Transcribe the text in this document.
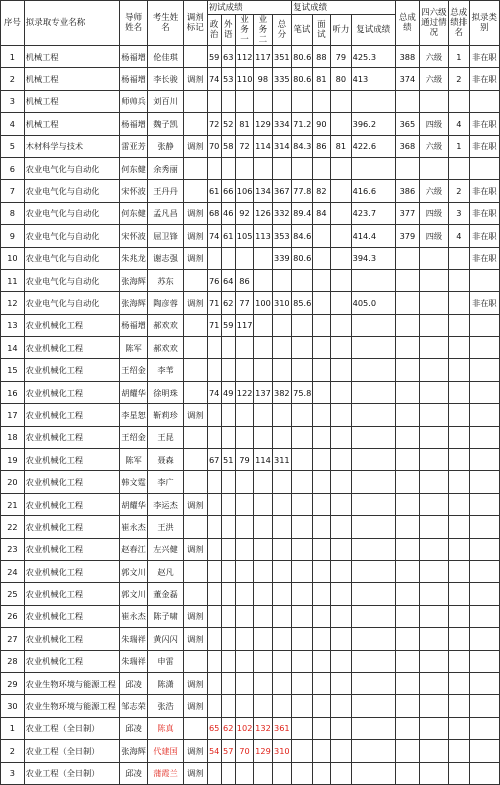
序号	拟录取专业名称	导师姓名	考生姓名	调剂标记	初试成绩					复试成绩				总成绩	四六级通过情况	总成绩排名	拟录类别
					政治	外语	业务一	业务二	总分	笔试	面试	听力	复试成绩				
1	机械工程	杨福增	伦佳琪		59	63	112	117	351	80.6	88	79	425.3	388	六级	1	非在职
2	机械工程	杨福增	李长骏	调剂	74	53	110	98	335	80.6	81	80	413	374	六级	2	非在职
3	机械工程	师帅兵	刘百川														
4	机械工程	杨福增	魏子凯		72	52	81	129	334	71.2	90		396.2	365	四级	4	非在职
5	木材科学与技术	雷亚芳	张静	调剂	70	58	72	114	314	84.3	86	81	422.6	368	六级	1	非在职
6	农业电气化与自动化	何东健	余秀丽														
7	农业电气化与自动化	宋怀波	王丹丹		61	66	106	134	367	77.8	82		416.6	386	六级	2	非在职
8	农业电气化与自动化	何东健	孟凡昌	调剂	68	46	92	126	332	89.4	84		423.7	377	四级	3	非在职
9	农业电气化与自动化	宋怀波	屈卫锋	调剂	74	61	105	113	353	84.6			414.4	379	四级	4	非在职
10	农业电气化与自动化	朱兆龙	谢志强	调剂					339	80.6			394.3				非在职
11	农业电气化与自动化	张海辉	苏东		76	64	86										
12	农业电气化与自动化	张海辉	陶彦蓉	调剂	71	62	77	100	310	85.6			405.0				非在职
13	农业机械化工程	杨福增	郝欢欢		71	59	117										
14	农业机械化工程	陈军	郝欢欢														
15	农业机械化工程	王绍金	李苇														
16	农业机械化工程	胡耀华	徐明珠		74	49	122	137	382	75.8							
17	农业机械化工程	李星恕	靳莉珍	调剂													
18	农业机械化工程	王绍金	王昆														
19	农业机械化工程	陈军	聂森		67	51	79	114	311								
20	农业机械化工程	韩文霆	李广														
21	农业机械化工程	胡耀华	李运杰	调剂													
22	农业机械化工程	崔永杰	王洪														
23	农业机械化工程	赵春江	左兴健	调剂													
24	农业机械化工程	郭文川	赵凡														
25	农业机械化工程	郭文川	董金磊														
26	农业机械化工程	崔永杰	陈子啸	调剂													
27	农业机械化工程	朱瑞祥	黄闪闪	调剂													
28	农业机械化工程	朱瑞祥	申雷														
29	农业生物环境与能源工程	邱凌	陈潇	调剂													
30	农业生物环境与能源工程	邹志荣	张浩	调剂													
1	农业工程（全日制）	邱凌	陈真		65	62	102	132	361								
2	农业工程（全日制）	张海辉	代建国	调剂	54	57	70	129	310								
3	农业工程（全日制）	邱凌	蒲霞兰	调剂													
